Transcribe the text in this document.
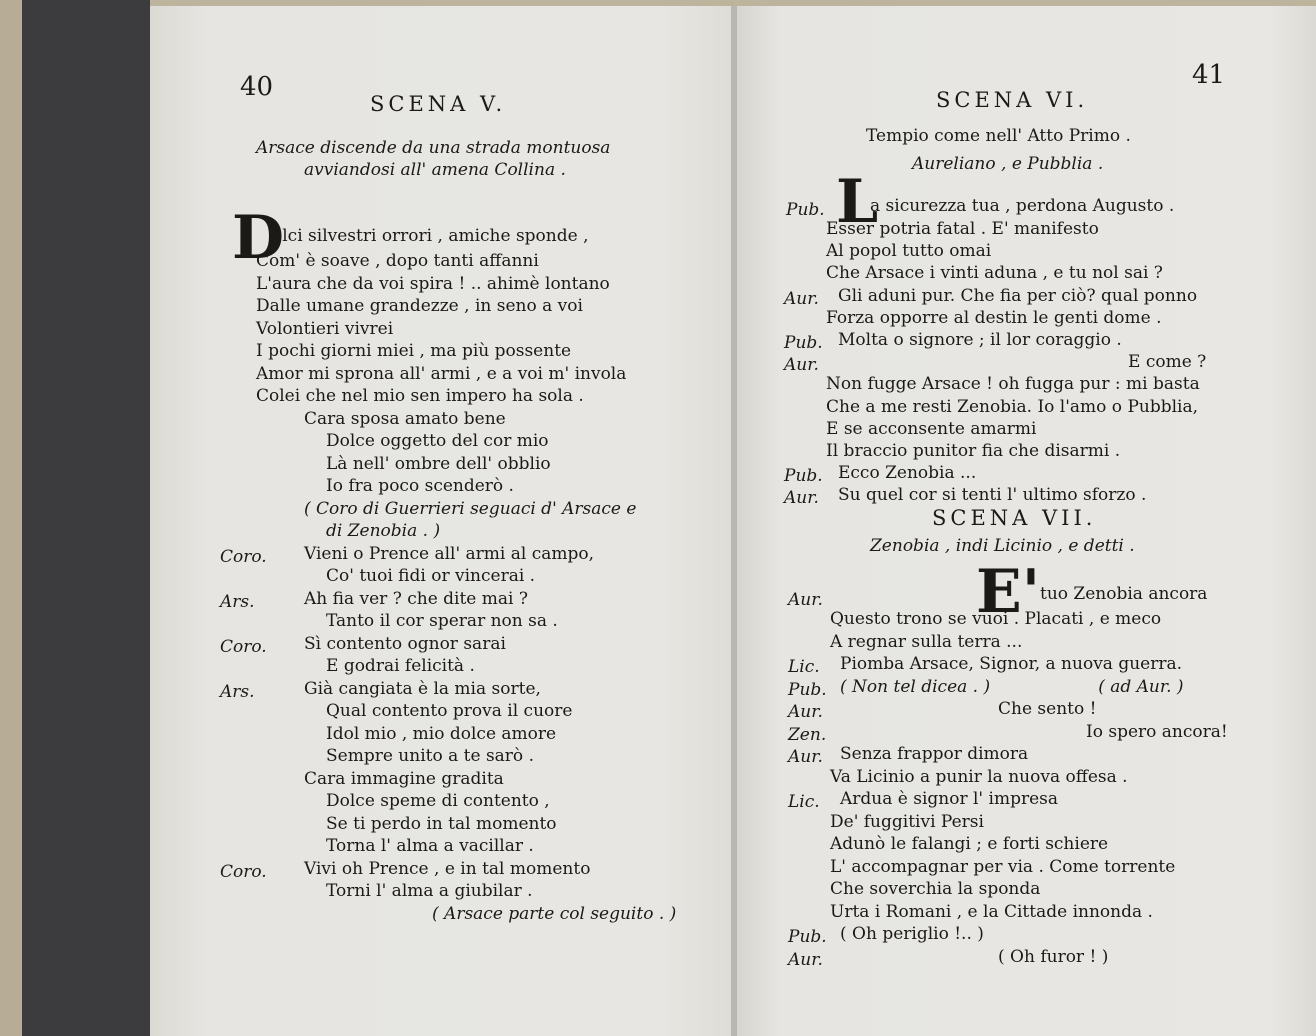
40
SCENA V.
Arsace discende da una strada montuosa
avviandosi all' amena Collina .
D
olci silvestri orrori , amiche sponde ,
Com' è soave , dopo tanti affanni
L'aura che da voi spira ! .. ahimè lontano
Dalle umane grandezze , in seno a voi
Volontieri vivrei
I pochi giorni miei , ma più possente
Amor mi sprona all' armi , e a voi m' invola
Colei che nel mio sen impero ha sola .
Cara sposa amato bene
Dolce oggetto del cor mio
Là nell' ombre dell' obblio
Io fra poco scenderò .
( Coro di Guerrieri seguaci d' Arsace e
di Zenobia . )
Coro. Vieni o Prence all' armi al campo,
Co' tuoi fidi or vincerai .
Ars.	Ah fia ver ? che dite mai ?
Tanto il cor sperar non sa .
Coro. Sì contento ognor sarai
E godrai felicità .
Ars.	Già cangiata è la mia sorte,
Qual contento prova il cuore
Idol mio , mio dolce amore
Sempre unito a te sarò .
Cara immagine gradita
Dolce speme di contento ,
Se ti perdo in tal momento
Torna l' alma a vacillar .
Coro. Vivi oh Prence , e in tal momento
Torni l' alma a giubilar .
( Arsace parte col seguito . )
41
SCENA VI.
Tempio come nell' Atto Primo .
Aureliano , e Pubblia .
Pub. L
a sicurezza tua , perdona Augusto .
Esser potria fatal . E' manifesto
Al popol tutto omai
Che Arsace i vinti aduna , e tu nol sai ?
Aur. Gli aduni pur. Che fia per ciò? qual ponno
Forza opporre al destin le genti dome .
Pub. Molta o signore ; il lor coraggio .
Aur.	E come ?
Non fugge Arsace ! oh fugga pur : mi basta
Che a me resti Zenobia. Io l'amo o Pubblia,
E se acconsente amarmi
Il braccio punitor fia che disarmi .
Pub. Ecco Zenobia ...
Aur. Su quel cor si tenti l' ultimo sforzo .
SCENA VII.
Zenobia , indi Licinio , e detti .
Aur.	E' tuo Zenobia ancora
Questo trono se vuoi . Placati , e meco
A regnar sulla terra ...
Lic. Piomba Arsace, Signor, a nuova guerra.
Pub. ( Non tel dicea . )                    ( ad Aur. )
Aur.	Che sento !
Zen.	Io spero ancora!
Aur. Senza frappor dimora
Va Licinio a punir la nuova offesa .
Lic. Ardua è signor l' impresa
De' fuggitivi Persi
Adunò le falangi ; e forti schiere
L' accompagnar per via . Come torrente
Che soverchia la sponda
Urta i Romani , e la Cittade innonda .
Pub. ( Oh periglio !.. )
Aur.	( Oh furor ! )
